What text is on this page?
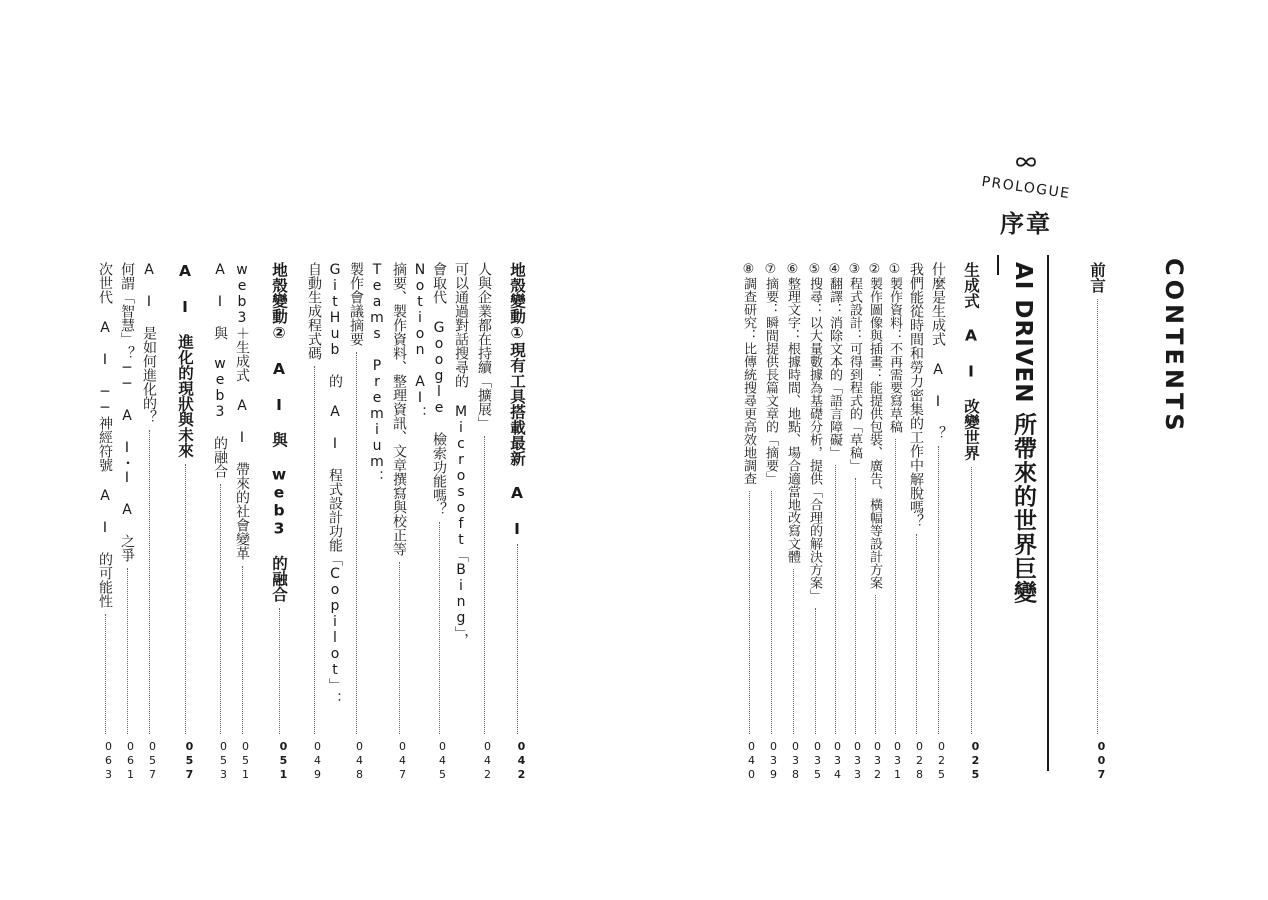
地殼變動①現有工具搭載最新 A I
042
人與企業都在持續「擴展」
042
可以通過對話搜尋的 Microsoft「Bing」，
會取代 Google 檢索功能嗎？
045
Notion AI：
摘要、製作資料、整理資訊、文章撰寫與校正等
047
Teams Premium：
製作會議摘要
048
GitHub 的 A I 程式設計功能「Copilot」：
自動生成程式碼
049
地殼變動② A I 與 web3 的融合
051
web3＋生成式 A I 帶來的社會變革
051
A I 與 web3 的融合
053
A I 進化的現狀與未來
057
A I 是如何進化的？
057
何謂「智慧」？── A I・I A 之爭
061
次世代 A I ──神經符號 A I 的可能性
063
CONTENTS
前言
007
PROLOGUE
序章
AI DRIVEN 所帶來的世界巨變
生成式 A I 改變世界
025
什麼是生成式 A I ？
025
我們能從時間和勞力密集的工作中解脫嗎？
028
①製作資料：不再需要寫草稿
031
②製作圖像與插畫：能提供包裝、廣告、橫幅等設計方案
032
③程式設計：可得到程式的「草稿」
033
④翻譯：消除文本的「語言障礙」
034
⑤搜尋：以大量數據為基礎分析，提供「合理的解決方案」
035
⑥整理文字：根據時間、地點、場合適當地改寫文體
038
⑦摘要：瞬間提供長篇文章的「摘要」
039
⑧調查研究：比傳統搜尋更高效地調查
040
